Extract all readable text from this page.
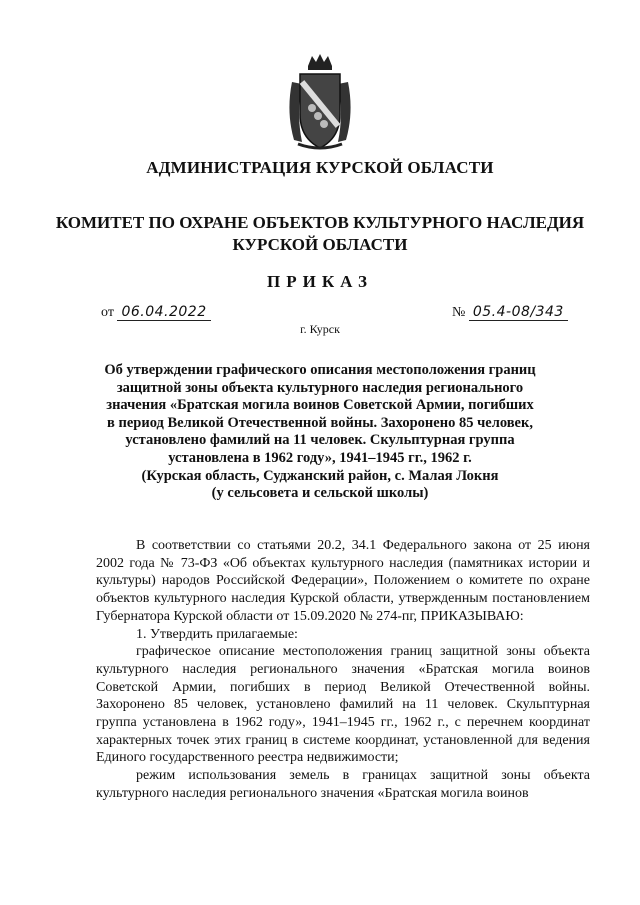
АДМИНИСТРАЦИЯ КУРСКОЙ ОБЛАСТИ
КОМИТЕТ ПО ОХРАНЕ ОБЪЕКТОВ КУЛЬТУРНОГО НАСЛЕДИЯ
КУРСКОЙ ОБЛАСТИ
ПРИКАЗ
от 06.04.2022	№ 05.4-08/343
г. Курск
Об утверждении графического описания местоположения границ
защитной зоны объекта культурного наследия регионального
значения «Братская могила воинов Советской Армии, погибших
в период Великой Отечественной войны. Захоронено 85 человек,
установлено фамилий на 11 человек. Скульптурная группа
установлена в 1962 году», 1941–1945 гг., 1962 г.
(Курская область, Суджанский район, с. Малая Локня
(у сельсовета и сельской школы)

В соответствии со статьями 20.2, 34.1 Федерального закона от 25 июня 2002 года № 73-ФЗ «Об объектах культурного наследия (памятниках истории и культуры) народов Российской Федерации», Положением о комитете по охране объектов культурного наследия Курской области, утвержденным постановлением Губернатора Курской области от 15.09.2020 № 274-пг, ПРИКАЗЫВАЮ:

1. Утвердить прилагаемые:

графическое описание местоположения границ защитной зоны объекта культурного наследия регионального значения «Братская могила воинов Советской Армии, погибших в период Великой Отечественной войны. Захоронено 85 человек, установлено фамилий на 11 человек. Скульптурная группа установлена в 1962 году», 1941–1945 гг., 1962 г., с перечнем координат характерных точек этих границ в системе координат, установленной для ведения Единого государственного реестра недвижимости;

режим использования земель в границах защитной зоны объекта культурного наследия регионального значения «Братская могила воинов
